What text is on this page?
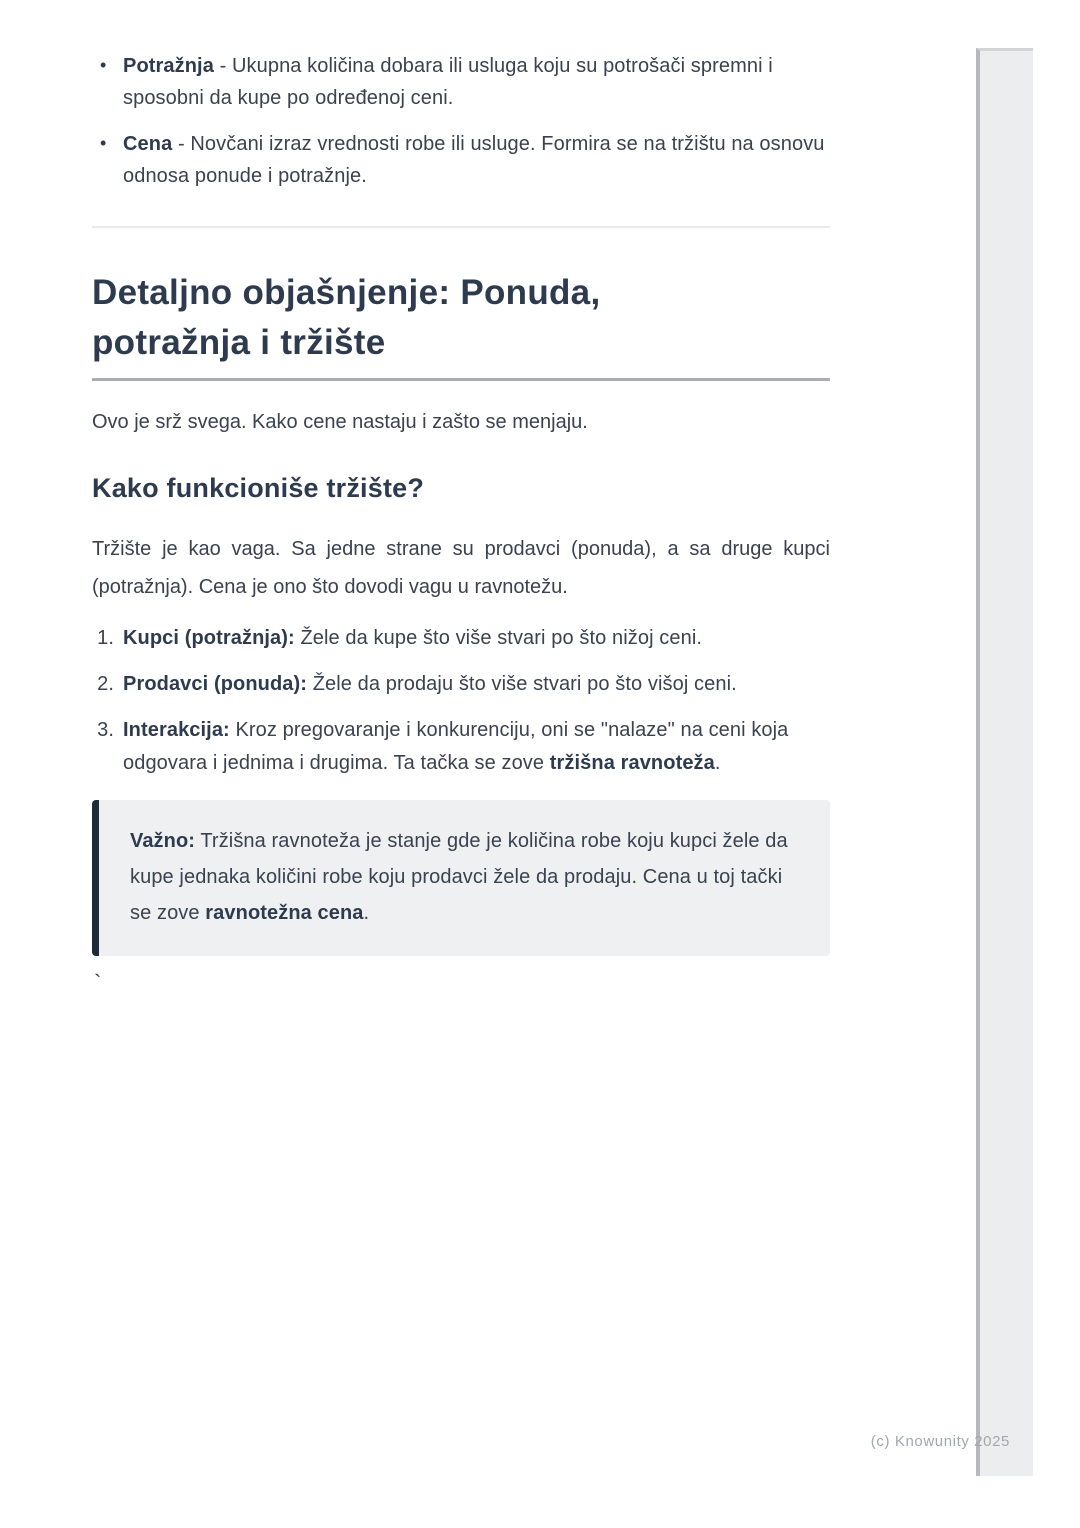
• Potražnja - Ukupna količina dobara ili usluga koju su potrošači spremni i sposobni da kupe po određenoj ceni.
• Cena - Novčani izraz vrednosti robe ili usluge. Formira se na tržištu na osnovu odnosa ponude i potražnje.
Detaljno objašnjenje: Ponuda, potražnja i tržište

Ovo je srž svega. Kako cene nastaju i zašto se menjaju.

Kako funkcioniše tržište?

Tržište je kao vaga. Sa jedne strane su prodavci (ponuda), a sa druge kupci (potražnja). Cena je ono što dovodi vagu u ravnotežu.

1. Kupci (potražnja): Žele da kupe što više stvari po što nižoj ceni.
2. Prodavci (ponuda): Žele da prodaju što više stvari po što višoj ceni.
3. Interakcija: Kroz pregovaranje i konkurenciju, oni se "nalaze" na ceni koja odgovara i jednima i drugima. Ta tačka se zove tržišna ravnoteža.
Važno: Tržišna ravnoteža je stanje gde je količina robe koju kupci žele da kupe jednaka količini robe koju prodavci žele da prodaju. Cena u toj tački se zove ravnotežna cena.
`
(c) Knowunity 2025
